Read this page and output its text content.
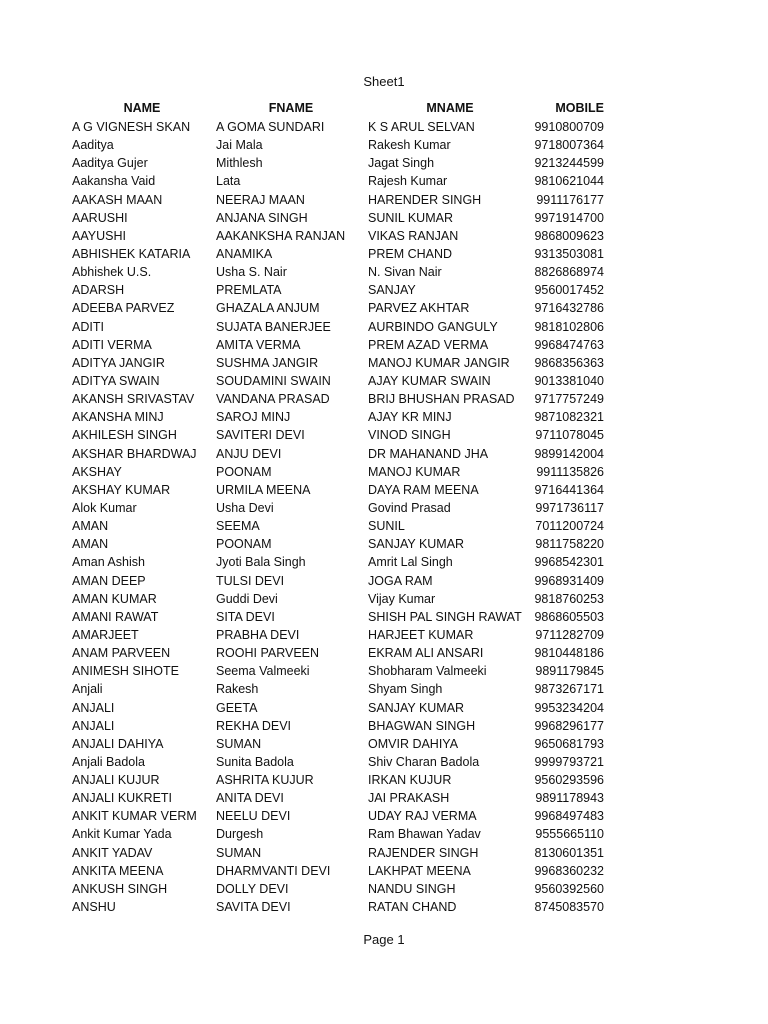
Sheet1
NAME	FNAME	MNAME	MOBILE
A G VIGNESH SKAN	A GOMA SUNDARI	K S ARUL SELVAN	9910800709
Aaditya	Jai Mala	Rakesh Kumar	9718007364
Aaditya Gujer	Mithlesh	Jagat Singh	9213244599
Aakansha Vaid	Lata	Rajesh Kumar	9810621044
AAKASH MAAN	NEERAJ MAAN	HARENDER SINGH	9911176177
AARUSHI	ANJANA SINGH	SUNIL KUMAR	9971914700
AAYUSHI	AAKANKSHA RANJAN	VIKAS RANJAN	9868009623
ABHISHEK KATARIA	ANAMIKA	PREM CHAND	9313503081
Abhishek U.S.	Usha S. Nair	N. Sivan Nair	8826868974
ADARSH	PREMLATA	SANJAY	9560017452
ADEEBA PARVEZ	GHAZALA ANJUM	PARVEZ AKHTAR	9716432786
ADITI	SUJATA BANERJEE	AURBINDO GANGULY	9818102806
ADITI VERMA	AMITA VERMA	PREM AZAD VERMA	9968474763
ADITYA JANGIR	SUSHMA JANGIR	MANOJ KUMAR JANGIR	9868356363
ADITYA SWAIN	SOUDAMINI SWAIN	AJAY KUMAR SWAIN	9013381040
AKANSH SRIVASTAV	VANDANA PRASAD	BRIJ BHUSHAN PRASAD	9717757249
AKANSHA MINJ	SAROJ MINJ	AJAY KR MINJ	9871082321
AKHILESH SINGH	SAVITERI DEVI	VINOD SINGH	9711078045
AKSHAR BHARDWAJ	ANJU DEVI	DR MAHANAND JHA	9899142004
AKSHAY	POONAM	MANOJ KUMAR	9911135826
AKSHAY KUMAR	URMILA MEENA	DAYA RAM MEENA	9716441364
Alok Kumar	Usha Devi	Govind Prasad	9971736117
AMAN	SEEMA	SUNIL	7011200724
AMAN	POONAM	SANJAY KUMAR	9811758220
Aman Ashish	Jyoti Bala Singh	Amrit Lal Singh	9968542301
AMAN DEEP	TULSI DEVI	JOGA RAM	9968931409
AMAN KUMAR	Guddi Devi	Vijay Kumar	9818760253
AMANI RAWAT	SITA DEVI	SHISH PAL SINGH RAWAT	9868605503
AMARJEET	PRABHA DEVI	HARJEET KUMAR	9711282709
ANAM PARVEEN	ROOHI PARVEEN	EKRAM ALI ANSARI	9810448186
ANIMESH SIHOTE	Seema Valmeeki	Shobharam Valmeeki	9891179845
Anjali	Rakesh	Shyam Singh	9873267171
ANJALI	GEETA	SANJAY KUMAR	9953234204
ANJALI	REKHA DEVI	BHAGWAN SINGH	9968296177
ANJALI DAHIYA	SUMAN	OMVIR DAHIYA	9650681793
Anjali Badola	Sunita Badola	Shiv Charan Badola	9999793721
ANJALI KUJUR	ASHRITA KUJUR	IRKAN KUJUR	9560293596
ANJALI KUKRETI	ANITA DEVI	JAI PRAKASH	9891178943
ANKIT KUMAR VERM	NEELU DEVI	UDAY RAJ VERMA	9968497483
Ankit Kumar Yada	Durgesh	Ram Bhawan Yadav	9555665110
ANKIT YADAV	SUMAN	RAJENDER SINGH	8130601351
ANKITA MEENA	DHARMVANTI DEVI	LAKHPAT MEENA	9968360232
ANKUSH SINGH	DOLLY DEVI	NANDU SINGH	9560392560
ANSHU	SAVITA DEVI	RATAN CHAND	8745083570
Page 1
